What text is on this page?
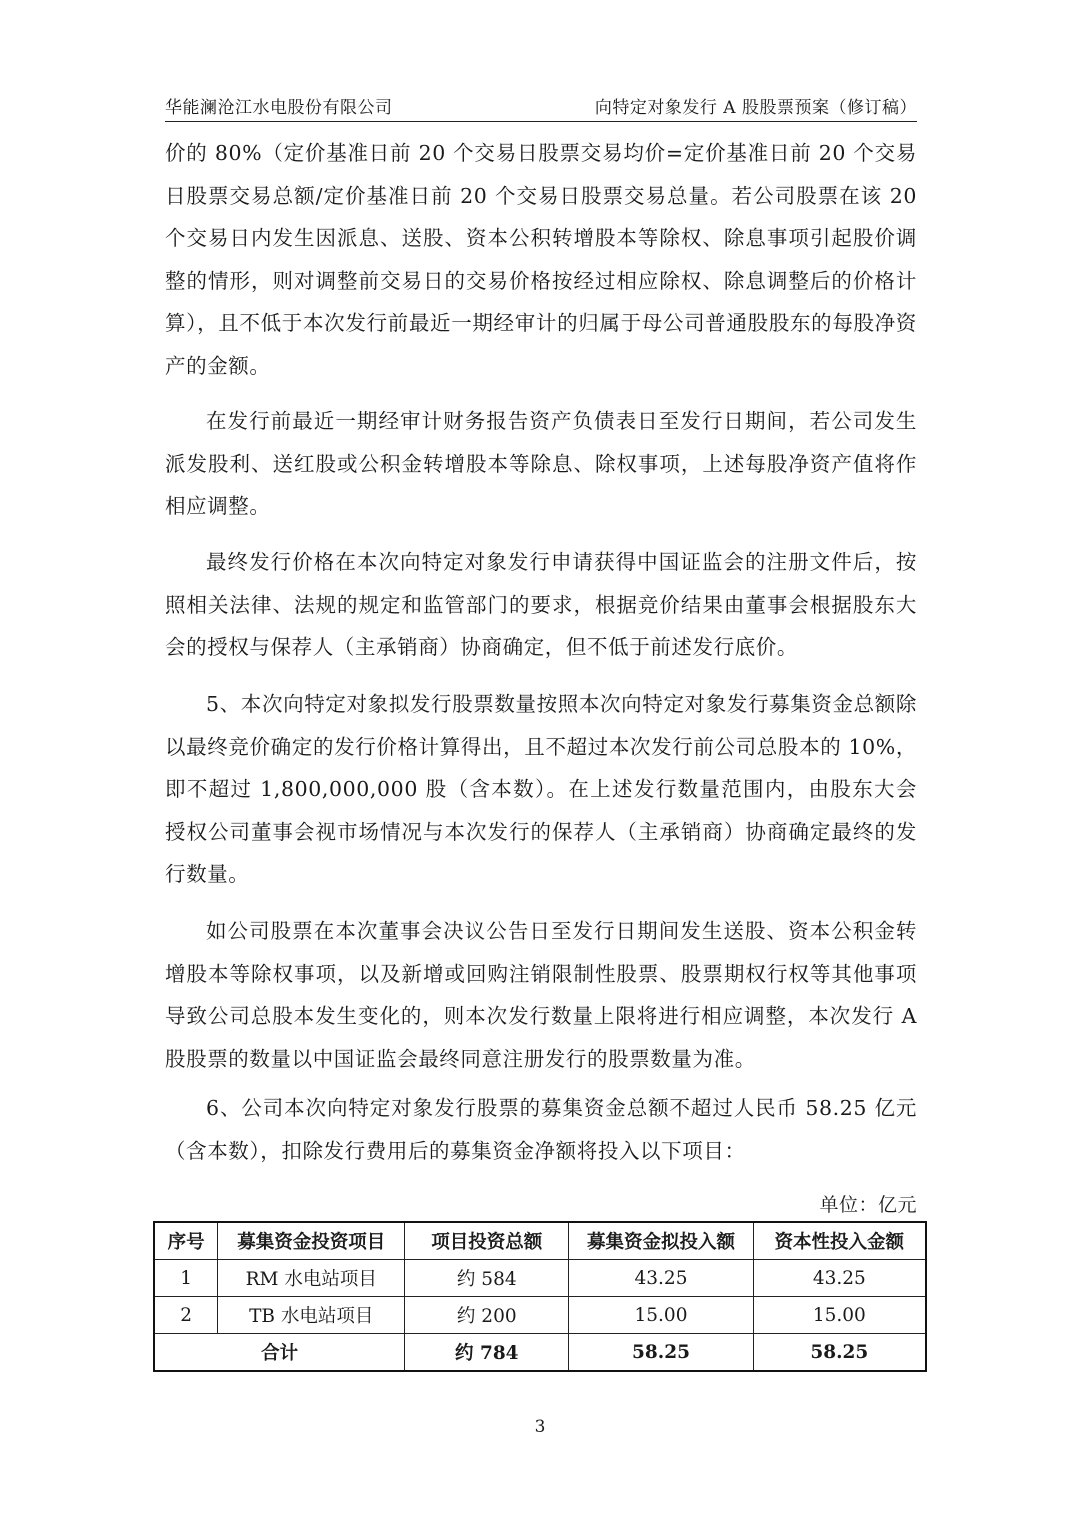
华能澜沧江水电股份有限公司	向特定对象发行 A 股股票预案（修订稿）

价的 80%（定价基准日前 20 个交易日股票交易均价=定价基准日前 20 个交易日股票交易总额/定价基准日前 20 个交易日股票交易总量。若公司股票在该 20 个交易日内发生因派息、送股、资本公积转增股本等除权、除息事项引起股价调整的情形，则对调整前交易日的交易价格按经过相应除权、除息调整后的价格计算），且不低于本次发行前最近一期经审计的归属于母公司普通股股东的每股净资产的金额。

在发行前最近一期经审计财务报告资产负债表日至发行日期间，若公司发生派发股利、送红股或公积金转增股本等除息、除权事项，上述每股净资产值将作相应调整。

最终发行价格在本次向特定对象发行申请获得中国证监会的注册文件后，按照相关法律、法规的规定和监管部门的要求，根据竞价结果由董事会根据股东大会的授权与保荐人（主承销商）协商确定，但不低于前述发行底价。

5、本次向特定对象拟发行股票数量按照本次向特定对象发行募集资金总额除以最终竞价确定的发行价格计算得出，且不超过本次发行前公司总股本的 10%，即不超过 1,800,000,000 股（含本数）。在上述发行数量范围内，由股东大会授权公司董事会视市场情况与本次发行的保荐人（主承销商）协商确定最终的发行数量。

如公司股票在本次董事会决议公告日至发行日期间发生送股、资本公积金转增股本等除权事项，以及新增或回购注销限制性股票、股票期权行权等其他事项导致公司总股本发生变化的，则本次发行数量上限将进行相应调整，本次发行 A 股股票的数量以中国证监会最终同意注册发行的股票数量为准。

6、公司本次向特定对象发行股票的募集资金总额不超过人民币 58.25 亿元（含本数），扣除发行费用后的募集资金净额将投入以下项目：

单位：亿元
序号	募集资金投资项目	项目投资总额	募集资金拟投入额	资本性投入金额
1	RM 水电站项目	约 584	43.25	43.25
2	TB 水电站项目	约 200	15.00	15.00
合计		约 784	58.25	58.25
3
